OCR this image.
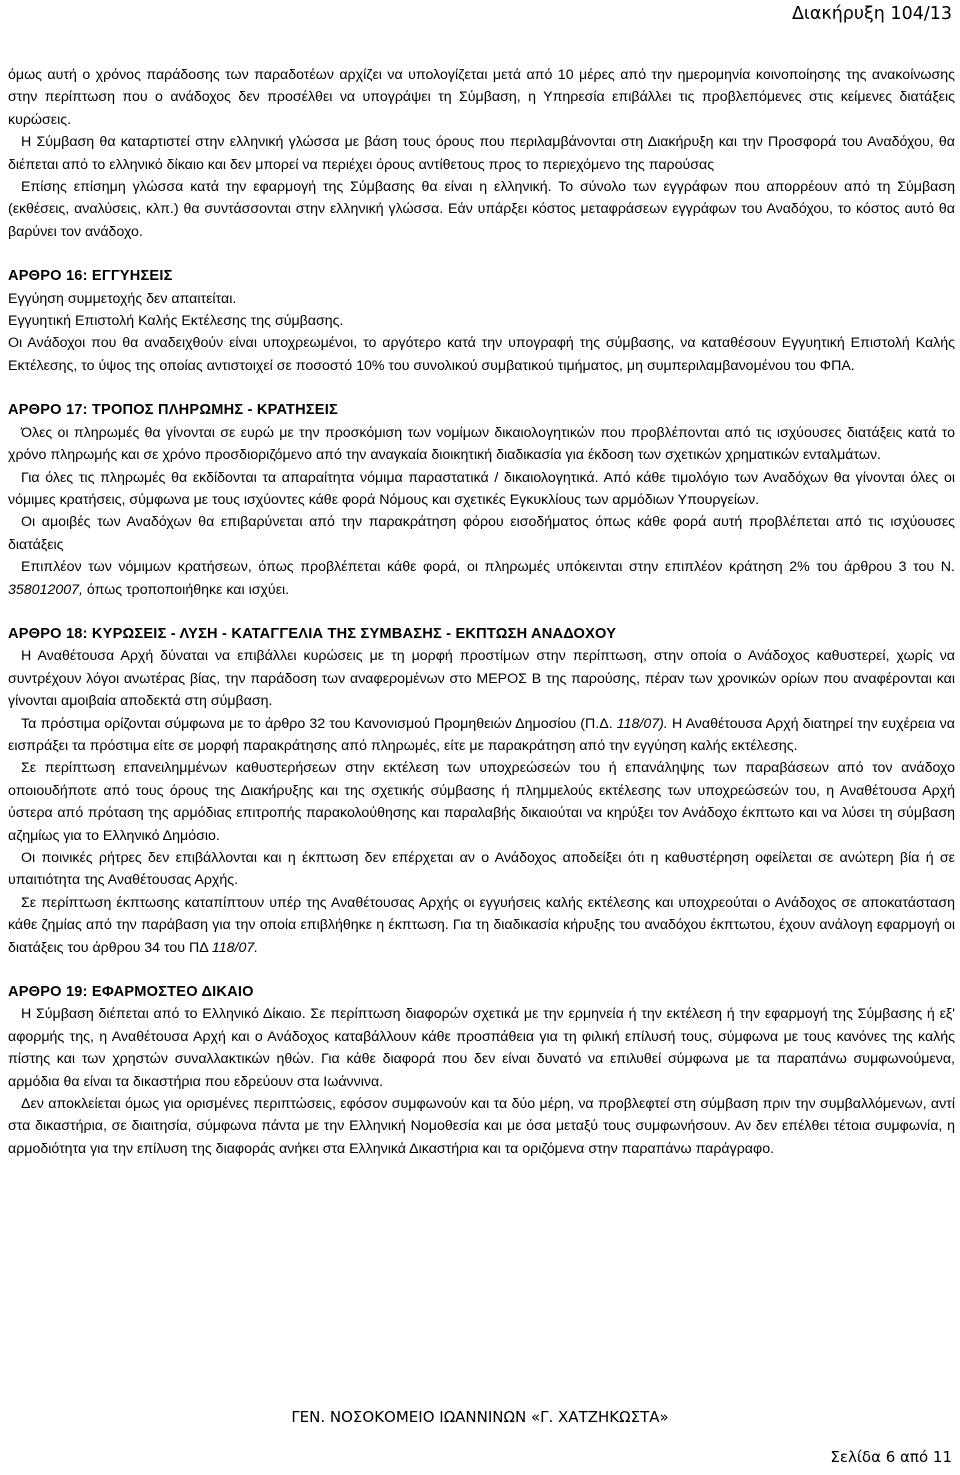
Διακήρυξη 104/13

όμως αυτή ο χρόνος παράδοσης των παραδοτέων αρχίζει να υπολογίζεται μετά από 10 μέρες από την ημερομηνία κοινοποίησης της ανακοίνωσης στην περίπτωση που ο ανάδοχος δεν προσέλθει να υπογράψει τη Σύμβαση, η Υπηρεσία επιβάλλει τις προβλεπόμενες στις κείμενες διατάξεις κυρώσεις.

Η Σύμβαση θα καταρτιστεί στην ελληνική γλώσσα με βάση τους όρους που περιλαμβάνονται στη Διακήρυξη και την Προσφορά του Αναδόχου, θα διέπεται από το ελληνικό δίκαιο και δεν μπορεί να περιέχει όρους αντίθετους προς το περιεχόμενο της παρούσας

Επίσης επίσημη γλώσσα κατά την εφαρμογή της Σύμβασης θα είναι η ελληνική. Το σύνολο των εγγράφων που απορρέουν από τη Σύμβαση (εκθέσεις, αναλύσεις, κλπ.) θα συντάσσονται στην ελληνική γλώσσα. Εάν υπάρξει κόστος μεταφράσεων εγγράφων του Αναδόχου, το κόστος αυτό θα βαρύνει τον ανάδοχο.

ΑΡΘΡΟ 16: ΕΓΓΥΗΣΕΙΣ

Εγγύηση συμμετοχής δεν απαιτείται.

Εγγυητική Επιστολή Καλής Εκτέλεσης της σύμβασης.

Οι Ανάδοχοι που θα αναδειχθούν είναι υποχρεωμένοι, το αργότερο κατά την υπογραφή της σύμβασης, να καταθέσουν Εγγυητική Επιστολή Καλής Εκτέλεσης, το ύψος της οποίας αντιστοιχεί σε ποσοστό 10% του συνολικού συμβατικού τιμήματος, μη συμπεριλαμβανομένου του ΦΠΑ.

ΑΡΘΡΟ 17: ΤΡΟΠΟΣ ΠΛΗΡΩΜΗΣ - ΚΡΑΤΗΣΕΙΣ

Όλες οι πληρωμές θα γίνονται σε ευρώ με την προσκόμιση των νομίμων δικαιολογητικών που προβλέπονται από τις ισχύουσες διατάξεις κατά το χρόνο πληρωμής και σε χρόνο προσδιοριζόμενο από την αναγκαία διοικητική διαδικασία για έκδοση των σχετικών χρηματικών ενταλμάτων.

Για όλες τις πληρωμές θα εκδίδονται τα απαραίτητα νόμιμα παραστατικά / δικαιολογητικά. Από κάθε τιμολόγιο των Αναδόχων θα γίνονται όλες οι νόμιμες κρατήσεις, σύμφωνα με τους ισχύοντες κάθε φορά Νόμους και σχετικές Εγκυκλίους των αρμόδιων Υπουργείων.

Οι αμοιβές των Αναδόχων θα επιβαρύνεται από την παρακράτηση φόρου εισοδήματος όπως κάθε φορά αυτή προβλέπεται από τις ισχύουσες διατάξεις

Επιπλέον των νόμιμων κρατήσεων, όπως προβλέπεται κάθε φορά, οι πληρωμές υπόκεινται στην επιπλέον κράτηση 2% του άρθρου 3 του Ν. 358012007, όπως τροποποιήθηκε και ισχύει.

ΑΡΘΡΟ 18: ΚΥΡΩΣΕΙΣ - ΛΥΣΗ - ΚΑΤΑΓΓΕΛΙΑ ΤΗΣ ΣΥΜΒΑΣΗΣ - ΕΚΠΤΩΣΗ ΑΝΑΔΟΧΟΥ

Η Αναθέτουσα Αρχή δύναται να επιβάλλει κυρώσεις με τη μορφή προστίμων στην περίπτωση, στην οποία ο Ανάδοχος καθυστερεί, χωρίς να συντρέχουν λόγοι ανωτέρας βίας, την παράδοση των αναφερομένων στο ΜΕΡΟΣ Β της παρούσης, πέραν των χρονικών ορίων που αναφέρονται και γίνονται αμοιβαία αποδεκτά στη σύμβαση.

Τα πρόστιμα ορίζονται σύμφωνα με το άρθρο 32 του Κανονισμού Προμηθειών Δημοσίου (Π.Δ. 118/07). Η Αναθέτουσα Αρχή διατηρεί την ευχέρεια να εισπράξει τα πρόστιμα είτε σε μορφή παρακράτησης από πληρωμές, είτε με παρακράτηση από την εγγύηση καλής εκτέλεσης.

Σε περίπτωση επανειλημμένων καθυστερήσεων στην εκτέλεση των υποχρεώσεών του ή επανάληψης των παραβάσεων από τον ανάδοχο οποιουδήποτε από τους όρους της Διακήρυξης και της σχετικής σύμβασης ή πλημμελούς εκτέλεσης των υποχρεώσεών του, η Αναθέτουσα Αρχή ύστερα από πρόταση της αρμόδιας επιτροπής παρακολούθησης και παραλαβής δικαιούται να κηρύξει τον Ανάδοχο έκπτωτο και να λύσει τη σύμβαση αζημίως για το Ελληνικό Δημόσιο.

Οι ποινικές ρήτρες δεν επιβάλλονται και η έκπτωση δεν επέρχεται αν ο Ανάδοχος αποδείξει ότι η καθυστέρηση οφείλεται σε ανώτερη βία ή σε υπαιτιότητα της Αναθέτουσας Αρχής.

Σε περίπτωση έκπτωσης καταπίπτουν υπέρ της Αναθέτουσας Αρχής οι εγγυήσεις καλής εκτέλεσης και υποχρεούται ο Ανάδοχος σε αποκατάσταση κάθε ζημίας από την παράβαση για την οποία επιβλήθηκε η έκπτωση. Για τη διαδικασία κήρυξης του αναδόχου έκπτωτου, έχουν ανάλογη εφαρμογή οι διατάξεις του άρθρου 34 του ΠΔ 118/07.

ΑΡΘΡΟ 19: ΕΦΑΡΜΟΣΤΕΟ ΔΙΚΑΙΟ

Η Σύμβαση διέπεται από το Ελληνικό Δίκαιο. Σε περίπτωση διαφορών σχετικά με την ερμηνεία ή την εκτέλεση ή την εφαρμογή της Σύμβασης ή εξ' αφορμής της, η Αναθέτουσα Αρχή και ο Ανάδοχος καταβάλλουν κάθε προσπάθεια για τη φιλική επίλυσή τους, σύμφωνα με τους κανόνες της καλής πίστης και των χρηστών συναλλακτικών ηθών. Για κάθε διαφορά που δεν είναι δυνατό να επιλυθεί σύμφωνα με τα παραπάνω συμφωνούμενα, αρμόδια θα είναι τα δικαστήρια που εδρεύουν στα Ιωάννινα.

Δεν αποκλείεται όμως για ορισμένες περιπτώσεις, εφόσον συμφωνούν και τα δύο μέρη, να προβλεφτεί στη σύμβαση πριν την συμβαλλόμενων, αντί στα δικαστήρια, σε διαιτησία, σύμφωνα πάντα με την Ελληνική Νομοθεσία και με όσα μεταξύ τους συμφωνήσουν. Αν δεν επέλθει τέτοια συμφωνία, η αρμοδιότητα για την επίλυση της διαφοράς ανήκει στα Ελληνικά Δικαστήρια και τα οριζόμενα στην παραπάνω παράγραφο.

ΓΕΝ. ΝΟΣΟΚΟΜΕΙΟ ΙΩΑΝΝΙΝΩΝ «Γ. ΧΑΤΖΗΚΩΣΤΑ»
Σελίδα 6 από 11
